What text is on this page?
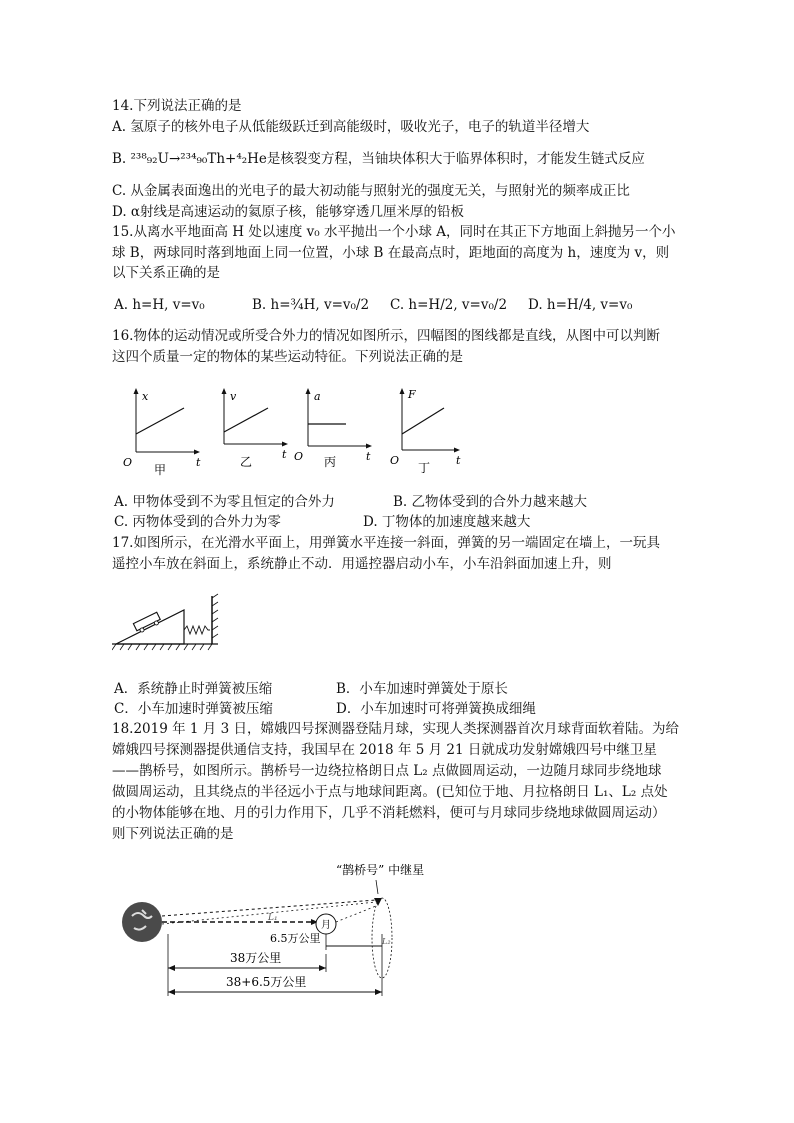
14.下列说法正确的是
A. 氢原子的核外电子从低能级跃迁到高能级时，吸收光子，电子的轨道半径增大
B. ²³⁸₉₂U→²³⁴₉₀Th+⁴₂He是核裂变方程，当铀块体积大于临界体积时，才能发生链式反应
C. 从金属表面逸出的光电子的最大初动能与照射光的强度无关，与照射光的频率成正比
D. α射线是高速运动的氦原子核，能够穿透几厘米厚的铅板
15.从离水平地面高 H 处以速度 v₀ 水平抛出一个小球 A，同时在其正下方地面上斜抛另一个小
球 B，两球同时落到地面上同一位置，小球 B 在最高点时，距地面的高度为 h，速度为 v，则
以下关系正确的是
A. h=H, v=v₀	B. h=¾H, v=v₀/2 C. h=H/2, v=v₀/2 D. h=H/4, v=v₀
16.物体的运动情况或所受合外力的情况如图所示，四幅图的图线都是直线，从图中可以判断
这四个质量一定的物体的某些运动特征。下列说法正确的是
x
t
O
甲
v
t
乙
a
t
O 丙
F
t
O
丁
A. 甲物体受到不为零且恒定的合外力	B. 乙物体受到的合外力越来越大
C. 丙物体受到的合外力为零	D. 丁物体的加速度越来越大
17.如图所示，在光滑水平面上，用弹簧水平连接一斜面，弹簧的另一端固定在墙上，一玩具
遥控小车放在斜面上，系统静止不动．用遥控器启动小车，小车沿斜面加速上升，则
A．系统静止时弹簧被压缩	B．小车加速时弹簧处于原长
C．小车加速时弹簧被压缩	D．小车加速时可将弹簧换成细绳
18.2019 年 1 月 3 日，嫦娥四号探测器登陆月球，实现人类探测器首次月球背面软着陆。为给
嫦娥四号探测器提供通信支持，我国早在 2018 年 5 月 21 日就成功发射嫦娥四号中继卫星
——鹊桥号，如图所示。鹊桥号一边绕拉格朗日点 L₂ 点做圆周运动，一边随月球同步绕地球
做圆周运动，且其绕点的半径远小于点与地球间距离。(已知位于地、月拉格朗日 L₁、L₂ 点处
的小物体能够在地、月的引力作用下，几乎不消耗燃料，便可与月球同步绕地球做圆周运动）
则下列说法正确的是
“鹊桥号” 中继星
L₁
月
L₂
6.5万公里
38万公里
38+6.5万公里
